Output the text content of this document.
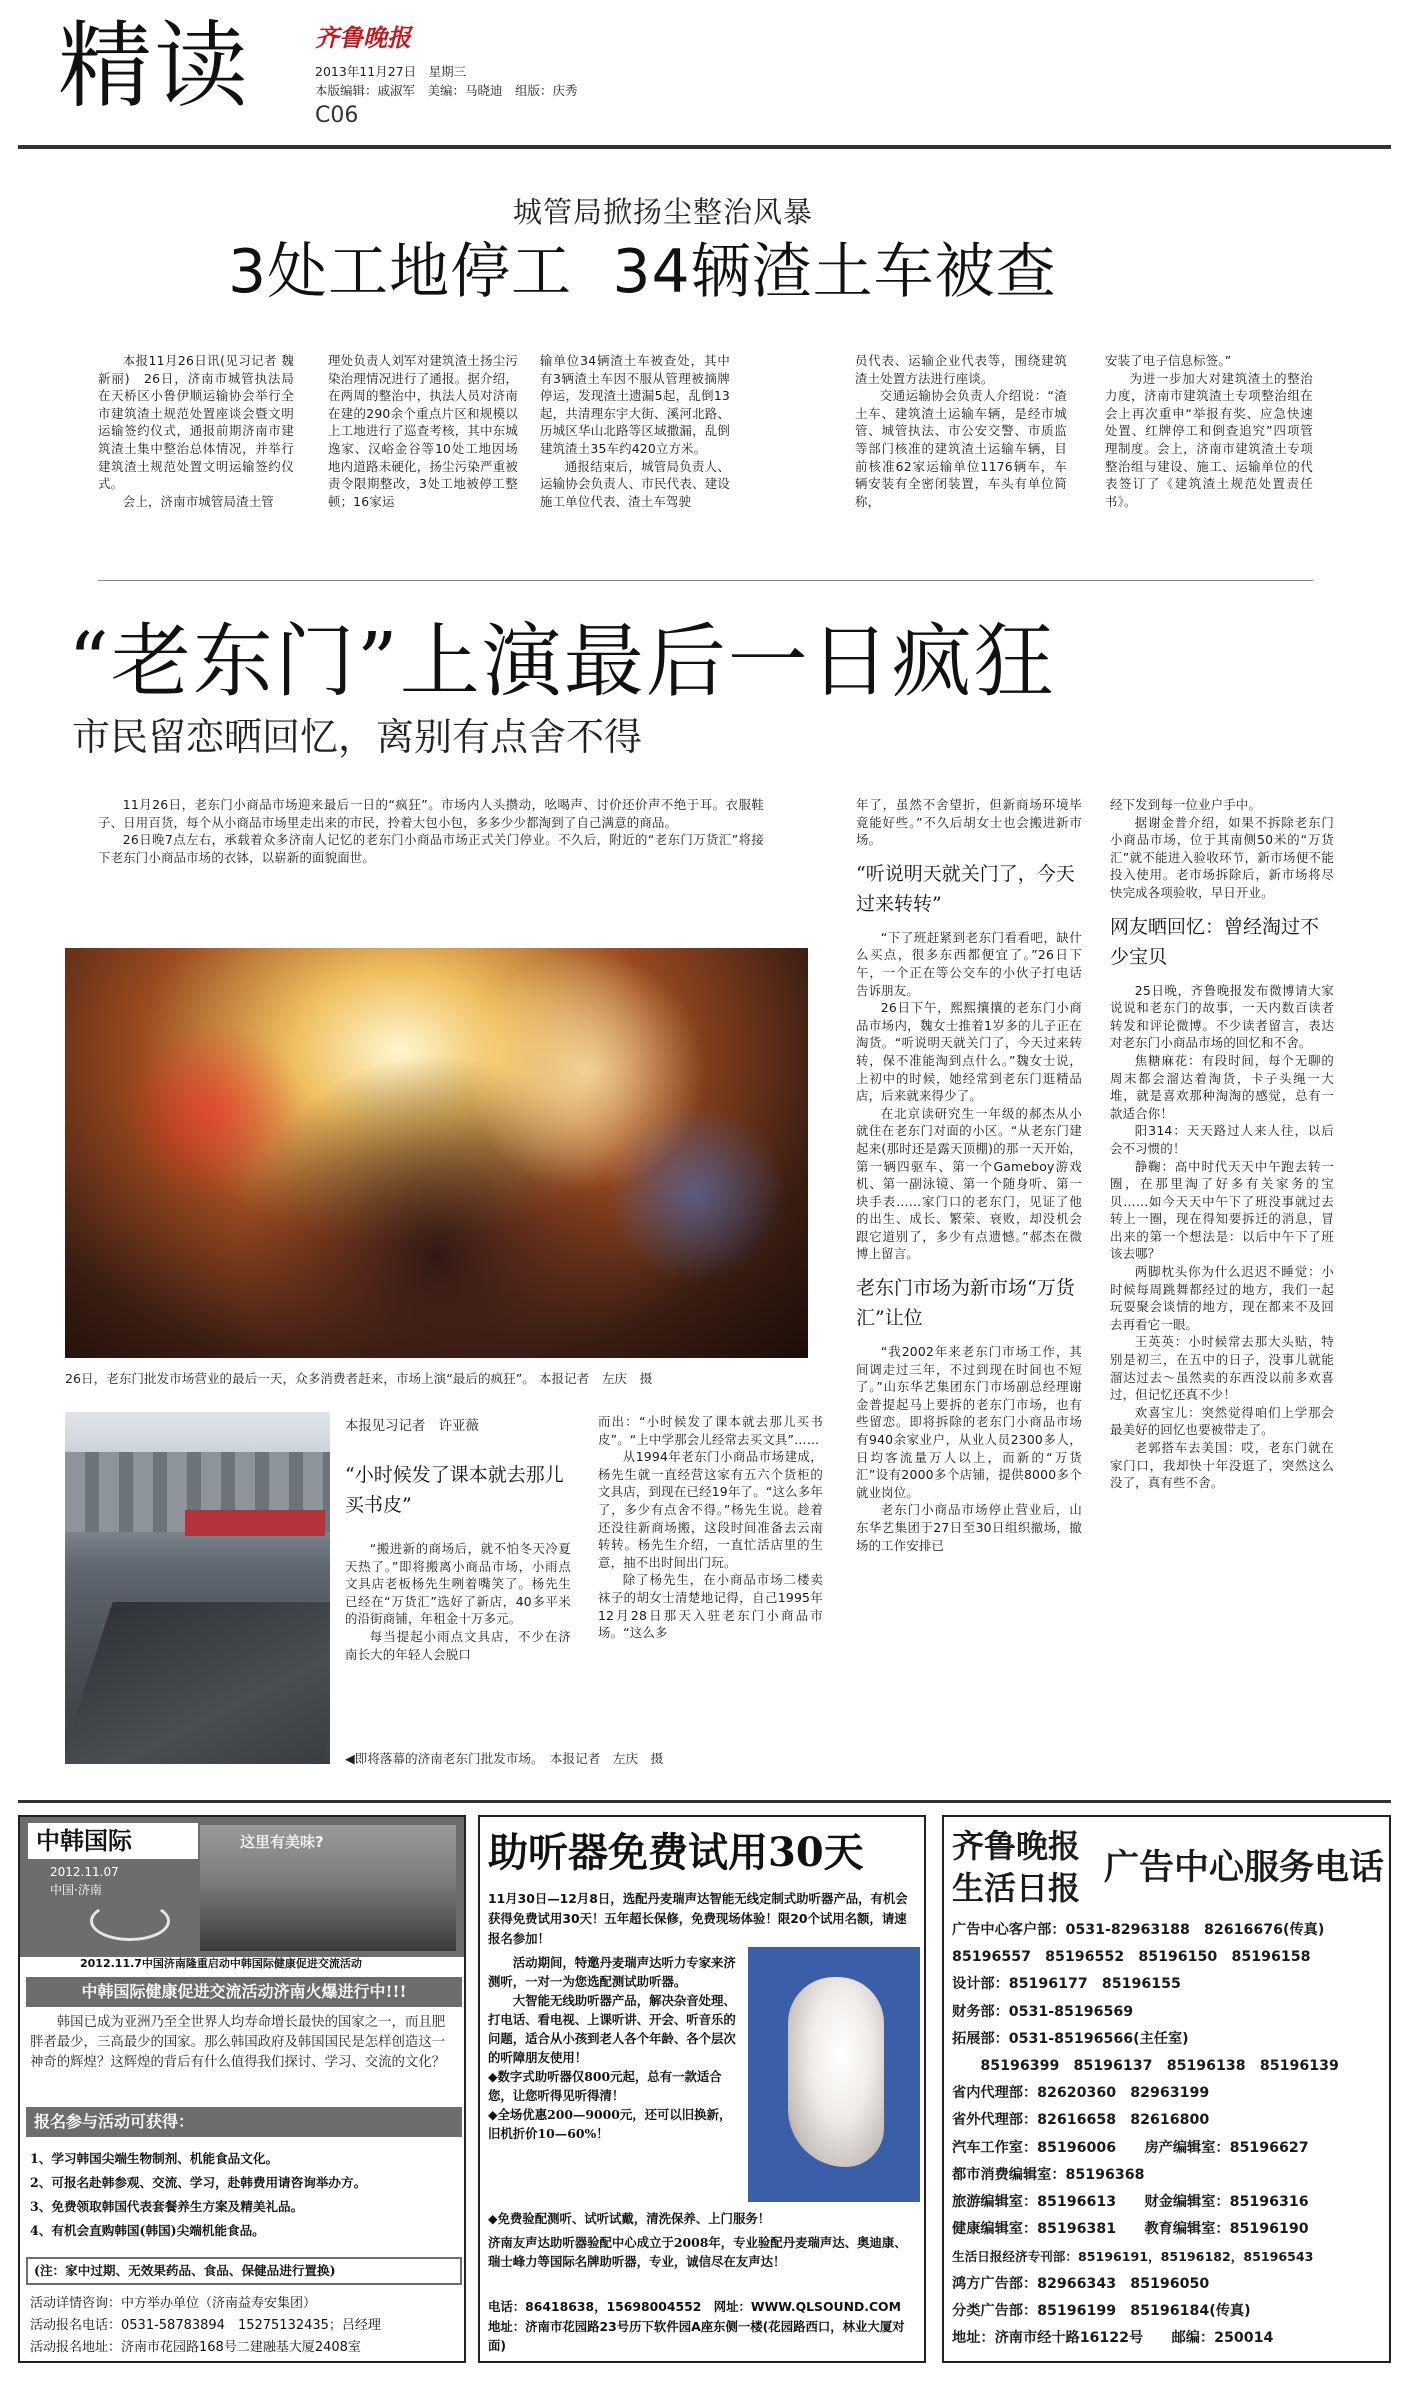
精读	齐鲁晚报
2013年11月27日　星期三
本版编辑：戚淑军　美编：马晓迪　组版：庆秀
C06
城管局掀扬尘整治风暴
3处工地停工  34辆渣土车被查

本报11月26日讯(见习记者 魏新丽)　26日，济南市城管执法局在天桥区小鲁伊顺运输协会举行全市建筑渣土规范处置座谈会暨文明运输签约仪式，通报前期济南市建筑渣土集中整治总体情况，并举行建筑渣土规范处置文明运输签约仪式。

会上，济南市城管局渣土管

理处负责人刘军对建筑渣土扬尘污染治理情况进行了通报。据介绍，在两周的整治中，执法人员对济南在建的290余个重点片区和规模以上工地进行了巡查考核，其中东城逸家、汉峪金谷等10处工地因场地内道路未硬化，扬尘污染严重被责令限期整改，3处工地被停工整顿；16家运

输单位34辆渣土车被查处，其中有3辆渣土车因不服从管理被摘牌停运，发现渣土遗漏5起，乱倒13起，共清理东宇大街、溪河北路、历城区华山北路等区域撒漏，乱倒建筑渣土35车约420立方米。

通报结束后，城管局负责人、运输协会负责人、市民代表、建设施工单位代表、渣土车驾驶

员代表、运输企业代表等，围绕建筑渣土处置方法进行座谈。

交通运输协会负责人介绍说：“渣土车、建筑渣土运输车辆，是经市城管、城管执法、市公安交警、市质监等部门核准的建筑渣土运输车辆，目前核准62家运输单位1176辆车，车辆安装有全密闭装置，车头有单位简称，

安装了电子信息标签。”

为进一步加大对建筑渣土的整治力度，济南市建筑渣土专项整治组在会上再次重申“举报有奖、应急快速处置、红牌停工和倒查追究”四项管理制度。会上，济南市建筑渣土专项整治组与建设、施工、运输单位的代表签订了《建筑渣土规范处置责任书》。

“老东门”上演最后一日疯狂
市民留恋晒回忆，离别有点舍不得

11月26日，老东门小商品市场迎来最后一日的“疯狂”。市场内人头攒动，吆喝声、讨价还价声不绝于耳。衣服鞋子、日用百货，每个从小商品市场里走出来的市民，拎着大包小包，多多少少都淘到了自己满意的商品。

26日晚7点左右，承载着众多济南人记忆的老东门小商品市场正式关门停业。不久后，附近的“老东门万货汇”将接下老东门小商品市场的衣钵，以崭新的面貌面世。

26日，老东门批发市场营业的最后一天，众多消费者赶来，市场上演“最后的疯狂”。 本报记者　左庆　摄
本报见习记者　许亚薇
“小时候发了课本就去那儿买书皮”

“搬进新的商场后，就不怕冬天冷夏天热了。”即将搬离小商品市场，小雨点文具店老板杨先生咧着嘴笑了。杨先生已经在“万货汇”选好了新店，40多平米的沿街商铺，年租金十万多元。

每当提起小雨点文具店，不少在济南长大的年轻人会脱口

而出：“小时候发了课本就去那儿买书皮”。“上中学那会儿经常去买文具”……

从1994年老东门小商品市场建成，杨先生就一直经营这家有五六个货柜的文具店，到现在已经19年了。“这么多年了，多少有点舍不得。”杨先生说。趁着还没往新商场搬，这段时间准备去云南转转。杨先生介绍，一直忙活店里的生意，抽不出时间出门玩。

除了杨先生，在小商品市场二楼卖袜子的胡女士清楚地记得，自己1995年12月28日那天入驻老东门小商品市场。“这么多

◀即将落幕的济南老东门批发市场。　本报记者　左庆　摄

年了，虽然不舍望折，但新商场环境毕竟能好些。”不久后胡女士也会搬进新市场。

“听说明天就关门了，今天过来转转”

“下了班赶紧到老东门看看吧，缺什么买点，很多东西都便宜了。”26日下午，一个正在等公交车的小伙子打电话告诉朋友。

26日下午，熙熙攘攘的老东门小商品市场内，魏女士推着1岁多的儿子正在淘货。“听说明天就关门了，今天过来转转，保不准能淘到点什么。”魏女士说，上初中的时候，她经常到老东门逛精品店，后来就来得少了。

在北京读研究生一年级的郝杰从小就住在老东门对面的小区。“从老东门建起来(那时还是露天顶棚)的那一天开始，第一辆四驱车、第一个Gameboy游戏机、第一副泳镜、第一个随身听、第一块手表……家门口的老东门，见证了他的出生、成长、繁荣、衰败，却没机会跟它道别了，多少有点遗憾。”郝杰在微博上留言。

老东门市场为新市场“万货汇”让位

“我2002年来老东门市场工作，其间调走过三年，不过到现在时间也不短了。”山东华艺集团东门市场副总经理谢金普提起马上要拆的老东门市场，也有些留恋。即将拆除的老东门小商品市场有940余家业户，从业人员2300多人，日均客流量万人以上，而新的“万货汇”设有2000多个店铺，提供8000多个就业岗位。

老东门小商品市场停止营业后，山东华艺集团于27日至30日组织撤场，撤场的工作安排已

经下发到每一位业户手中。

据谢金普介绍，如果不拆除老东门小商品市场，位于其南侧50米的“万货汇”就不能进入验收环节，新市场便不能投入使用。老市场拆除后，新市场将尽快完成各项验收，早日开业。

网友晒回忆：曾经淘过不少宝贝

25日晚，齐鲁晚报发布微博请大家说说和老东门的故事，一天内数百读者转发和评论微博。不少读者留言，表达对老东门小商品市场的回忆和不舍。

焦糖麻花：有段时间，每个无聊的周末都会溜达着淘货，卡子头绳一大堆，就是喜欢那种淘淘的感觉，总有一款适合你！

阳314：天天路过人来人往，以后会不习惯的！

静鞠：高中时代天天中午跑去转一圈，在那里淘了好多有关家务的宝贝……如今天天中午下了班没事就过去转上一圈，现在得知要拆迁的消息，冒出来的第一个想法是：以后中午下了班该去哪？

两脚枕头你为什么迟迟不睡觉：小时候每周跳舞都经过的地方，我们一起玩耍聚会谈情的地方，现在都来不及回去再看它一眼。

王英英：小时候常去那大头贴，特别是初三，在五中的日子，没事儿就能溜达过去～虽然卖的东西没以前多欢喜过，但记忆还真不少！

欢喜宝儿：突然觉得咱们上学那会最美好的回忆也要被带走了。

老郭搭车去美国：哎，老东门就在家门口，我却快十年没逛了，突然这么没了，真有些不舍。

中韩国际
2012.11.07
中国·济南
这里有美味?
2012.11.7中国济南隆重启动中韩国际健康促进交流活动
中韩国际健康促进交流活动济南火爆进行中!!!

韩国已成为亚洲乃至全世界人均寿命增长最快的国家之一，而且肥胖者最少，三高最少的国家。那么韩国政府及韩国国民是怎样创造这一神奇的辉煌？这辉煌的背后有什么值得我们探讨、学习、交流的文化？

报名参与活动可获得：
1、学习韩国尖端生物制剂、机能食品文化。
2、可报名赴韩参观、交流、学习，赴韩费用请咨询举办方。
3、免费领取韩国代表套餐养生方案及精美礼品。
4、有机会直购韩国(韩国)尖端机能食品。
(注：家中过期、无效果药品、食品、保健品进行置换)
活动详情咨询：中方举办单位（济南益寿安集团）
活动报名电话：0531-58783894　15275132435；吕经理
活动报名地址：济南市花园路168号二建融基大厦2408室
助听器免费试用30天
11月30日—12月8日，选配丹麦瑞声达智能无线定制式助听器产品，有机会获得免费试用30天！五年超长保修，免费现场体验！限20个试用名额，请速报名参加！

活动期间，特邀丹麦瑞声达听力专家来济测听，一对一为您选配测试助听器。

大智能无线助听器产品，解决杂音处理、打电话、看电视、上课听讲、开会、听音乐的问题，适合从小孩到老人各个年龄、各个层次的听障朋友使用！

◆数字式助听器仅800元起，总有一款适合您，让您听得见听得清！

◆全场优惠200—9000元，还可以旧换新，旧机折价10—60%！

◆免费验配测听、试听试戴，清洗保养、上门服务！
济南友声达助听器验配中心成立于2008年，专业验配丹麦瑞声达、奥迪康、瑞士峰力等国际名牌助听器，专业，诚信尽在友声达！
电话：86418638，15698004552　网址：WWW.QLSOUND.COM
地址：济南市花园路23号历下软件园A座东侧一楼(花园路西口，林业大厦对面)
齐鲁晚报
生活日报 广告中心服务电话
广告中心客户部：0531-82963188　82616676(传真)
85196557　85196552　85196150　85196158
设计部：85196177　85196155
财务部：0531-85196569
拓展部：0531-85196566(主任室)
　　85196399　85196137　85196138　85196139
省内代理部：82620360　82963199
省外代理部：82616658　82616800
汽车工作室：85196006　　房产编辑室：85196627
都市消费编辑室：85196368
旅游编辑室：85196613　　财金编辑室：85196316
健康编辑室：85196381　　教育编辑室：85196190
生活日报经济专刊部：85196191，85196182，85196543
鸿方广告部：82966343　85196050
分类广告部：85196199　85196184(传真)
地址：济南市经十路16122号　　邮编：250014
